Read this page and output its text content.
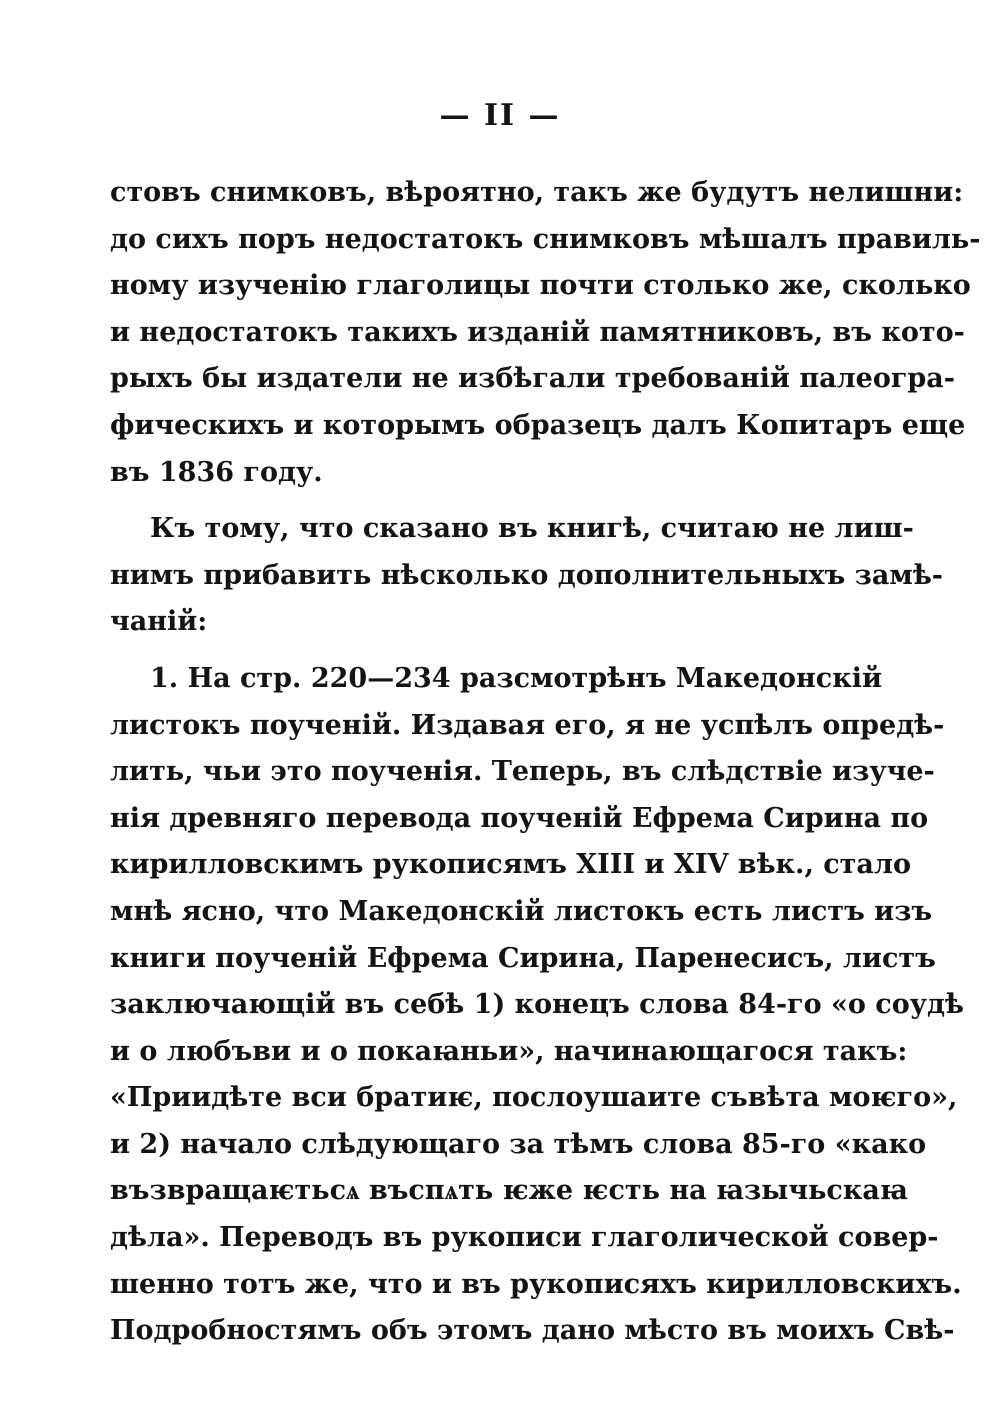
— II —
стовъ снимковъ, вѣроятно, такъ же будутъ нелишни:
до сихъ поръ недостатокъ снимковъ мѣшалъ правиль-
ному изученію глаголицы почти столько же, сколько
и недостатокъ такихъ изданій памятниковъ, въ кото-
рыхъ бы издатели не избѣгали требованій палеогра-
фическихъ и которымъ образецъ далъ Копитаръ еще
въ 1836 году.
Къ тому, что сказано въ книгѣ, считаю не лиш-
нимъ прибавить нѣсколько дополнительныхъ замѣ-
чаній:
1. На стр. 220—234 разсмотрѣнъ Македонскій
листокъ поученій. Издавая его, я не успѣлъ опредѣ-
лить, чьи это поученія. Теперь, въ слѣдствіе изуче-
нія древняго перевода поученій Ефрема Сирина по
кирилловскимъ рукописямъ XIII и XIV вѣк., стало
мнѣ ясно, что Македонскій листокъ есть листъ изъ
книги поученій Ефрема Сирина, Паренесисъ, листъ
заключающій въ себѣ 1) конецъ слова 84-го «о соудѣ
и о любъви и о покаꙗньи», начинающагося такъ:
«Приидѣте вси братиѥ, послоушаите съвѣта моѥго»,
и 2) начало слѣдующаго за тѣмъ слова 85-го «како
възвращаѥтьсѧ въспѧть ѥже ѥсть на ꙗзычьскаꙗ
дѣла». Переводъ въ рукописи глаголической совер-
шенно тотъ же, что и въ рукописяхъ кирилловскихъ.
Подробностямъ объ этомъ дано мѣсто въ моихъ Свѣ-
